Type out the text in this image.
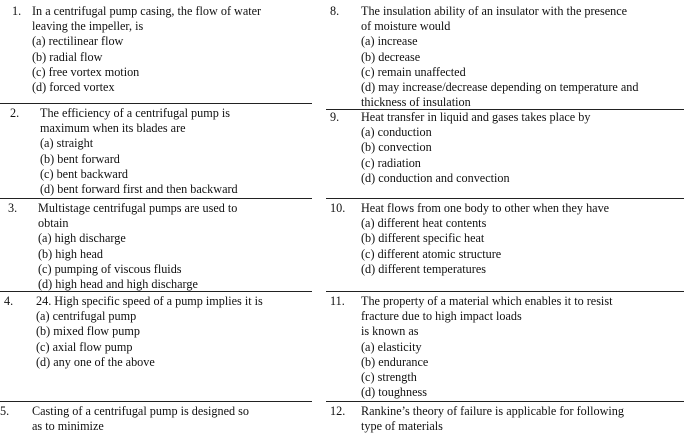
1. In a centrifugal pump casing, the flow of water
leaving the impeller, is
(a) rectilinear flow
(b) radial flow
(c) free vortex motion
(d) forced vortex
2. The efficiency of a centrifugal pump is
maximum when its blades are
(a) straight
(b) bent forward
(c) bent backward
(d) bent forward first and then backward
3. Multistage centrifugal pumps are used to
obtain
(a) high discharge
(b) high head
(c) pumping of viscous fluids
(d) high head and high discharge
4. 24. High specific speed of a pump implies it is
(a) centrifugal pump
(b) mixed flow pump
(c) axial flow pump
(d) any one of the above
5. Casting of a centrifugal pump is designed so
as to minimize
8. The insulation ability of an insulator with the presence
of moisture would
(a) increase
(b) decrease
(c) remain unaffected
(d) may increase/decrease depending on temperature and
thickness of insulation
9. Heat transfer in liquid and gases takes place by
(a) conduction
(b) convection
(c) radiation
(d) conduction and convection
10. Heat flows from one body to other when they have
(a) different heat contents
(b) different specific heat
(c) different atomic structure
(d) different temperatures
11. The property of a material which enables it to resist
fracture due to high impact loads
is known as
(a) elasticity
(b) endurance
(c) strength
(d) toughness
12. Rankine’s theory of failure is applicable for following
type of materials
